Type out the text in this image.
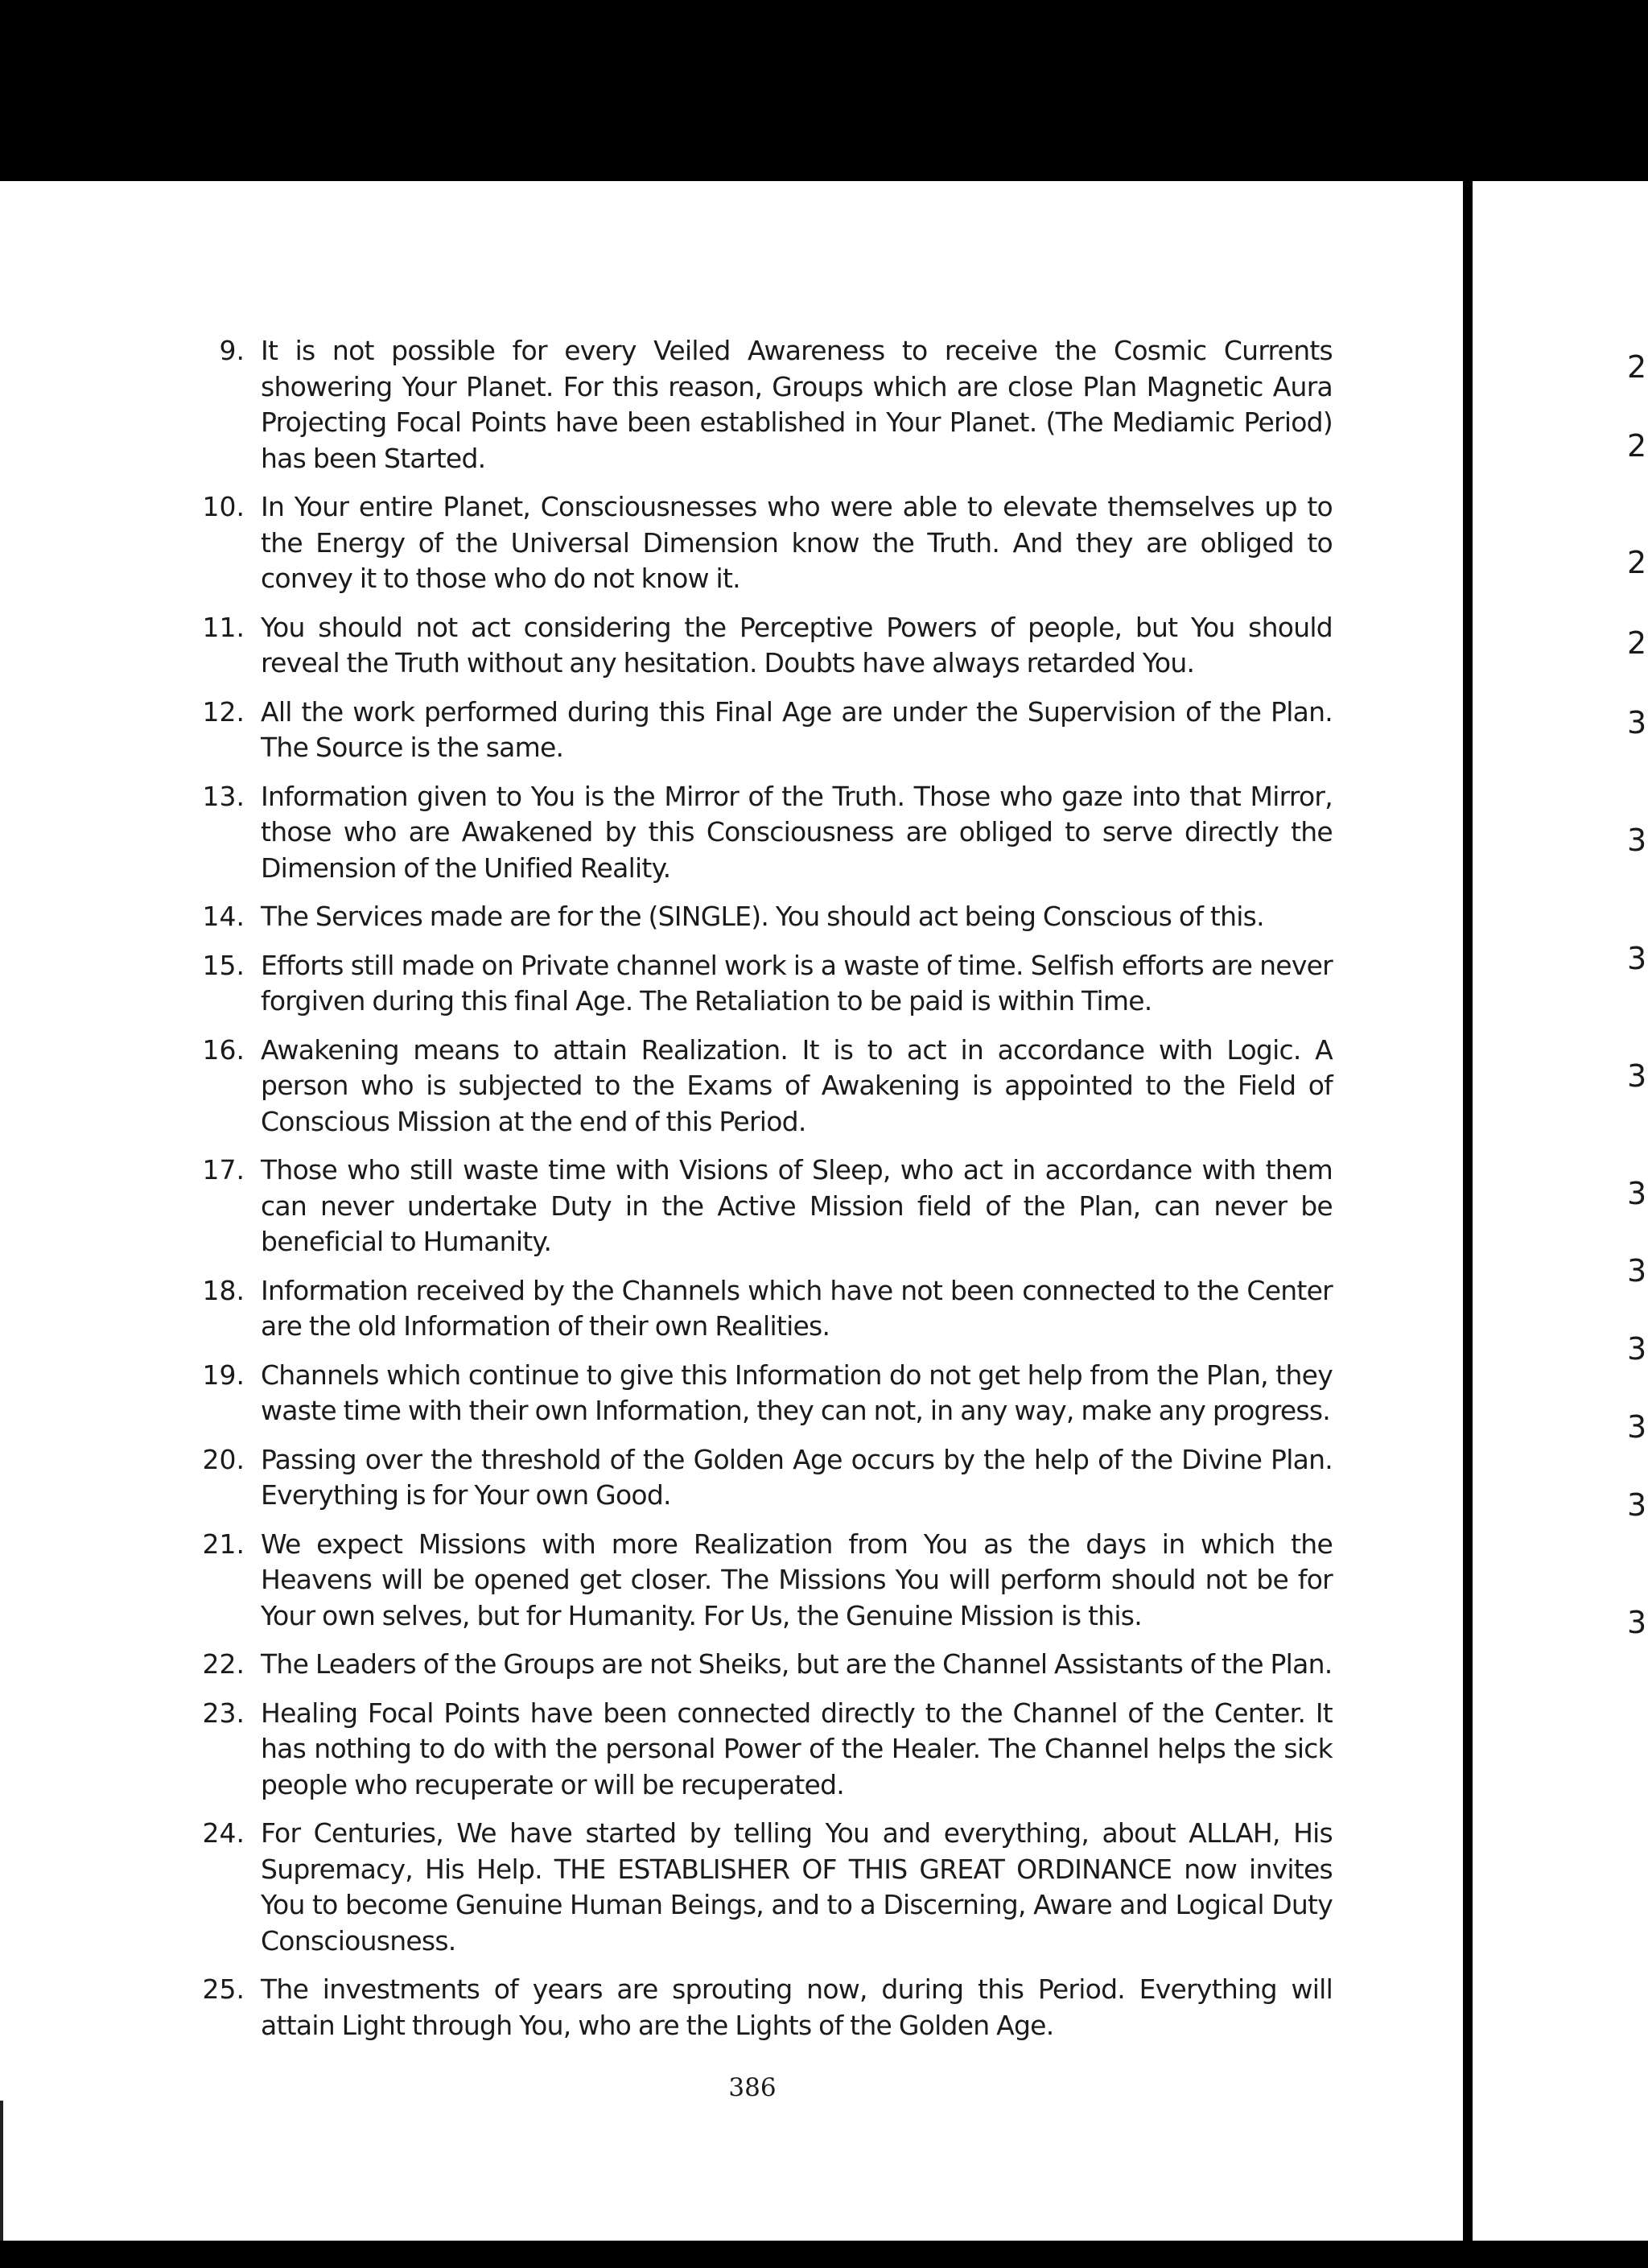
2
2
2
2
3
3
3
3
3
3
3
3
3
3
9. It is not possible for every Veiled Awareness to receive the Cosmic Currents showering Your Planet. For this reason, Groups which are close Plan Magnetic Aura Projecting Focal Points have been established in Your Planet. (The Mediamic Period) has been Started.
10. In Your entire Planet, Consciousnesses who were able to elevate themselves up to the Energy of the Universal Dimension know the Truth. And they are obliged to convey it to those who do not know it.
11. You should not act considering the Perceptive Powers of people, but You should reveal the Truth without any hesitation. Doubts have always retarded You.
12. All the work performed during this Final Age are under the Supervision of the Plan. The Source is the same.
13. Information given to You is the Mirror of the Truth. Those who gaze into that Mirror, those who are Awakened by this Consciousness are obliged to serve directly the Dimension of the Unified Reality.
14. The Services made are for the (SINGLE). You should act being Conscious of this.
15. Efforts still made on Private channel work is a waste of time. Selfish efforts are never forgiven during this final Age. The Retaliation to be paid is within Time.
16. Awakening means to attain Realization. It is to act in accordance with Logic. A person who is subjected to the Exams of Awakening is appointed to the Field of Conscious Mission at the end of this Period.
17. Those who still waste time with Visions of Sleep, who act in accordance with them can never undertake Duty in the Active Mission field of the Plan, can never be beneficial to Humanity.
18. Information received by the Channels which have not been connected to the Center are the old Information of their own Realities.
19. Channels which continue to give this Information do not get help from the Plan, they waste time with their own Information, they can not, in any way, make any progress.
20. Passing over the threshold of the Golden Age occurs by the help of the Divine Plan. Everything is for Your own Good.
21. We expect Missions with more Realization from You as the days in which the Heavens will be opened get closer. The Missions You will perform should not be for Your own selves, but for Humanity. For Us, the Genuine Mission is this.
22. The Leaders of the Groups are not Sheiks, but are the Channel Assistants of the Plan.
23. Healing Focal Points have been connected directly to the Channel of the Center. It has nothing to do with the personal Power of the Healer. The Channel helps the sick people who recuperate or will be recuperated.
24. For Centuries, We have started by telling You and everything, about ALLAH, His Supremacy, His Help. THE ESTABLISHER OF THIS GREAT ORDINANCE now invites You to become Genuine Human Beings, and to a Discerning, Aware and Logical Duty Consciousness.
25. The investments of years are sprouting now, during this Period. Everything will attain Light through You, who are the Lights of the Golden Age.
386
